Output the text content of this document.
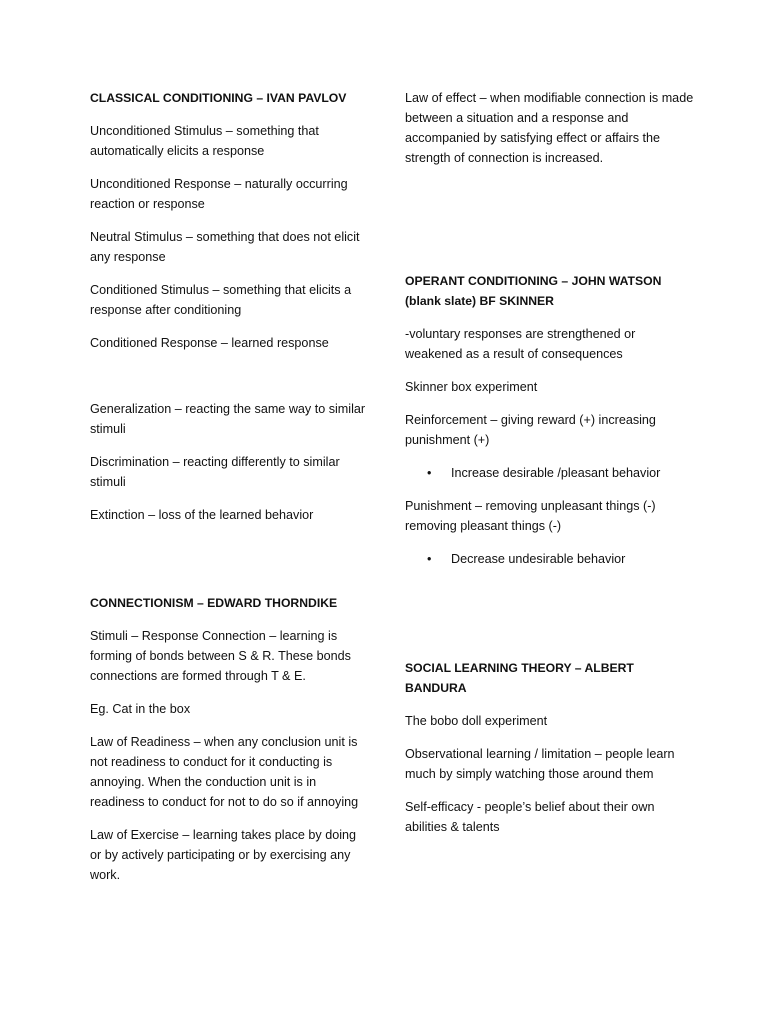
CLASSICAL CONDITIONING – IVAN PAVLOV
Unconditioned Stimulus – something that automatically elicits a response
Unconditioned Response – naturally occurring reaction or response
Neutral Stimulus – something that does not elicit any response
Conditioned Stimulus – something that elicits a response after conditioning
Conditioned Response – learned response
Generalization – reacting the same way to similar stimuli
Discrimination – reacting differently to similar stimuli
Extinction – loss of the learned behavior
CONNECTIONISM – EDWARD THORNDIKE
Stimuli – Response Connection – learning is forming of bonds between S & R. These bonds connections are formed through T & E.
Eg. Cat in the box
Law of Readiness – when any conclusion unit is not readiness to conduct for it conducting is annoying. When the conduction unit is in readiness to conduct for not to do so if annoying
Law of Exercise – learning takes place by doing or by actively participating or by exercising any work.
Law of effect – when modifiable connection is made between a situation and a response and accompanied by satisfying effect or affairs the strength of connection is increased.
OPERANT CONDITIONING – JOHN WATSON (blank slate) BF SKINNER
-voluntary responses are strengthened or weakened as a result of consequences
Skinner box experiment
Reinforcement – giving reward (+) increasing punishment (+)
• Increase desirable /pleasant behavior
Punishment – removing unpleasant things (-) removing pleasant things (-)
• Decrease undesirable behavior
SOCIAL LEARNING THEORY – ALBERT BANDURA
The bobo doll experiment
Observational learning / limitation – people learn much by simply watching those around them
Self-efficacy - people’s belief about their own abilities & talents
